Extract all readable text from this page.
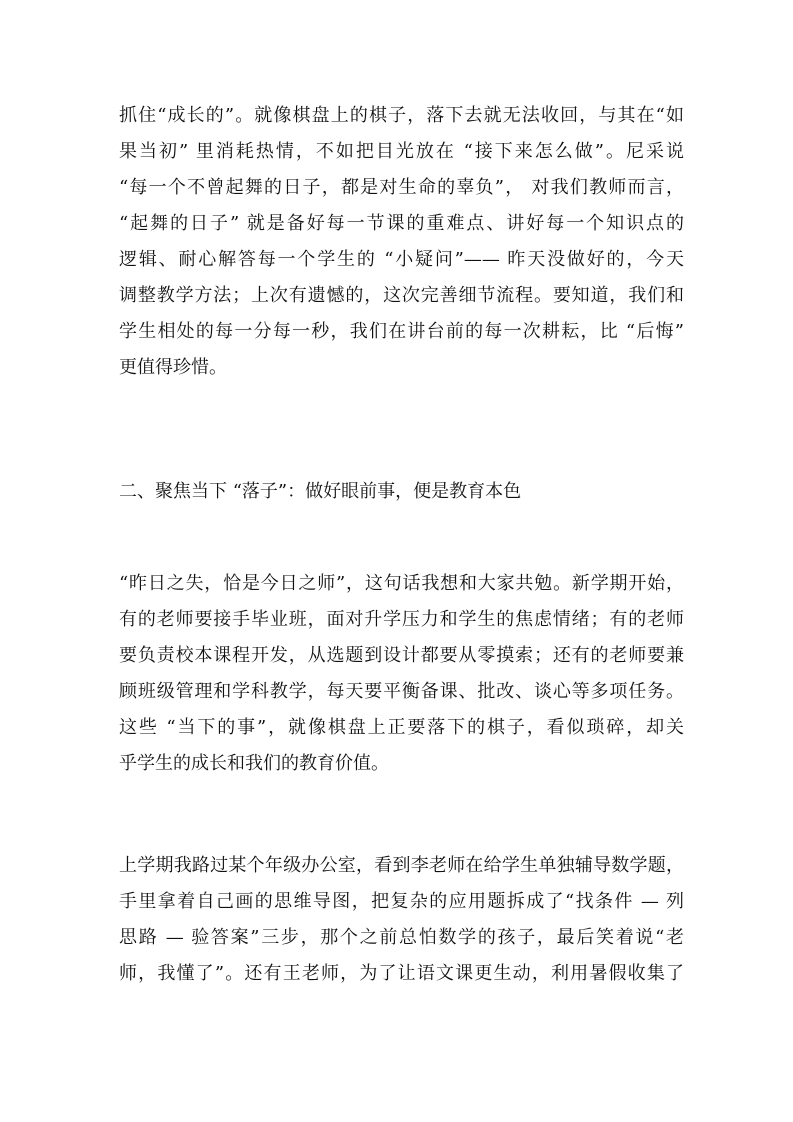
抓住“成长的”。就像棋盘上的棋子，落下去就无法收回，与其在“如
果当初” 里消耗热情，不如把目光放在 “接下来怎么做”。尼采说
“每一个不曾起舞的日子，都是对生命的辜负”， 对我们教师而言，
“起舞的日子” 就是备好每一节课的重难点、讲好每一个知识点的
逻辑、耐心解答每一个学生的 “小疑问”—— 昨天没做好的，今天
调整教学方法；上次有遗憾的，这次完善细节流程。要知道，我们和
学生相处的每一分每一秒，我们在讲台前的每一次耕耘，比 “后悔”
更值得珍惜。
二、聚焦当下 “落子”：做好眼前事，便是教育本色
“昨日之失，恰是今日之师”，这句话我想和大家共勉。新学期开始，
有的老师要接手毕业班，面对升学压力和学生的焦虑情绪；有的老师
要负责校本课程开发，从选题到设计都要从零摸索；还有的老师要兼
顾班级管理和学科教学，每天要平衡备课、批改、谈心等多项任务。
这些 “当下的事”，就像棋盘上正要落下的棋子，看似琐碎，却关
乎学生的成长和我们的教育价值。
上学期我路过某个年级办公室，看到李老师在给学生单独辅导数学题，
手里拿着自己画的思维导图，把复杂的应用题拆成了“找条件 — 列
思路 — 验答案”三步，那个之前总怕数学的孩子，最后笑着说“老
师，我懂了”。还有王老师，为了让语文课更生动，利用暑假收集了
